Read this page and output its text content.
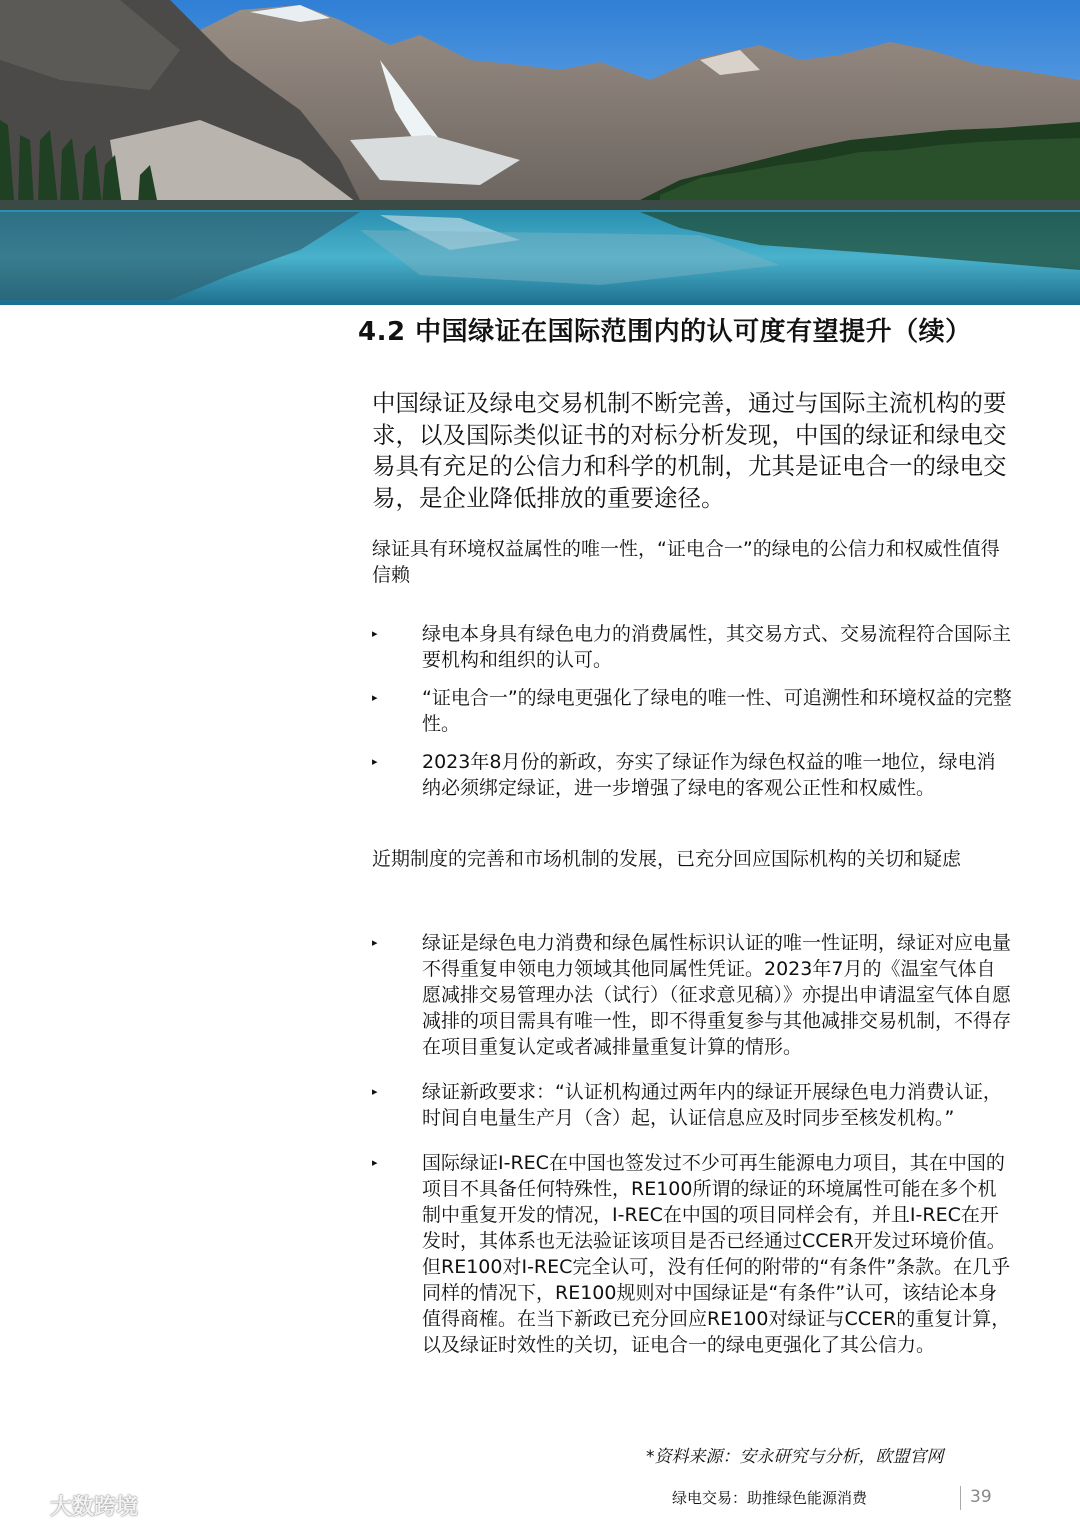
4.2 中国绿证在国际范围内的认可度有望提升（续）

中国绿证及绿电交易机制不断完善，通过与国际主流机构的要求，以及国际类似证书的对标分析发现，中国的绿证和绿电交易具有充足的公信力和科学的机制，尤其是证电合一的绿电交易，是企业降低排放的重要途径。

绿证具有环境权益属性的唯一性，“证电合一”的绿电的公信力和权威性值得信赖

▸ 绿电本身具有绿色电力的消费属性，其交易方式、交易流程符合国际主要机构和组织的认可。
▸ “证电合一”的绿电更强化了绿电的唯一性、可追溯性和环境权益的完整性。
▸ 2023年8月份的新政，夯实了绿证作为绿色权益的唯一地位，绿电消纳必须绑定绿证，进一步增强了绿电的客观公正性和权威性。

近期制度的完善和市场机制的发展，已充分回应国际机构的关切和疑虑

▸ 绿证是绿色电力消费和绿色属性标识认证的唯一性证明，绿证对应电量不得重复申领电力领域其他同属性凭证。2023年7月的《温室气体自愿减排交易管理办法（试行）（征求意见稿）》亦提出申请温室气体自愿减排的项目需具有唯一性，即不得重复参与其他减排交易机制，不得存在项目重复认定或者减排量重复计算的情形。
▸ 绿证新政要求：“认证机构通过两年内的绿证开展绿色电力消费认证，时间自电量生产月（含）起，认证信息应及时同步至核发机构。”
▸ 国际绿证I-REC在中国也签发过不少可再生能源电力项目，其在中国的项目不具备任何特殊性，RE100所谓的绿证的环境属性可能在多个机制中重复开发的情况，I-REC在中国的项目同样会有，并且I-REC在开发时，其体系也无法验证该项目是否已经通过CCER开发过环境价值。但RE100对I-REC完全认可，没有任何的附带的“有条件”条款。在几乎同样的情况下，RE100规则对中国绿证是“有条件”认可，该结论本身值得商榷。在当下新政已充分回应RE100对绿证与CCER的重复计算，以及绿证时效性的关切，证电合一的绿电更强化了其公信力。
*资料来源：安永研究与分析，欧盟官网
绿电交易：助推绿色能源消费	39
大数跨境
